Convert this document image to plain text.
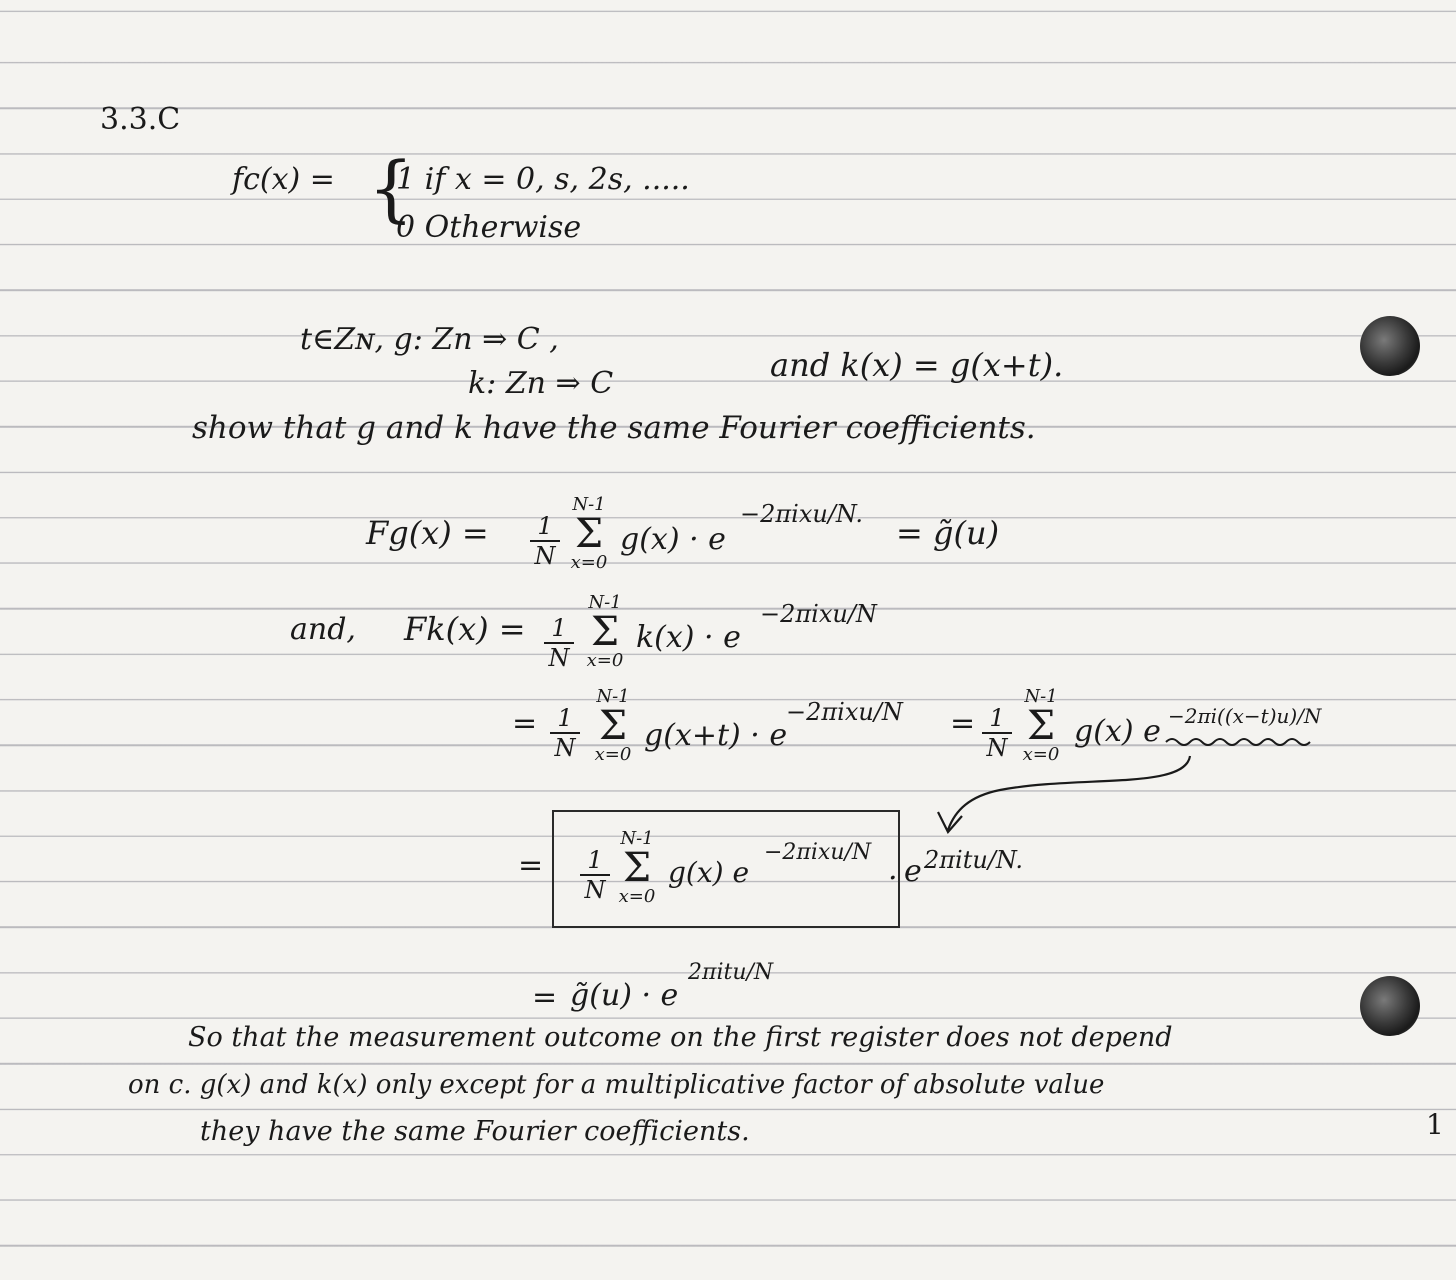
3.3.C
fc(x) = {
1 if x = 0, s, 2s, .....
0 Otherwise
t∈Zɴ, g: Zn ⇒ C ,
k: Zn ⇒ C	and k(x) = g(x+t).
show that g and k have the same Fourier coefficients.
$Fg(x) = \frac{1}{N}$
N-1
Σ
x=0
g(x) · e
−2πixu/N. = g̃(u)
and, $Fk(x) = \frac{1}{N}$
N-1
Σ
x=0
k(x) · e
−2πixu/N
= $\frac{1}{N}$
N-1
Σ
x=0
g(x+t) · e
$-2\pi ixu/N = \frac{1}{N}$
N-1
Σ
x=0
g(x) e −2πi((x−t)u)/N
= $\frac{1}{N}$
N-1
Σ
x=0
g(x) e
−2πixu/N . e 2πitu/N.
= g̃(u) · e
2πitu/N
So that the measurement outcome on the first register does not depend
on c. g(x) and k(x) only except for a multiplicative factor of absolute value
they have the same Fourier coefficients.	1
